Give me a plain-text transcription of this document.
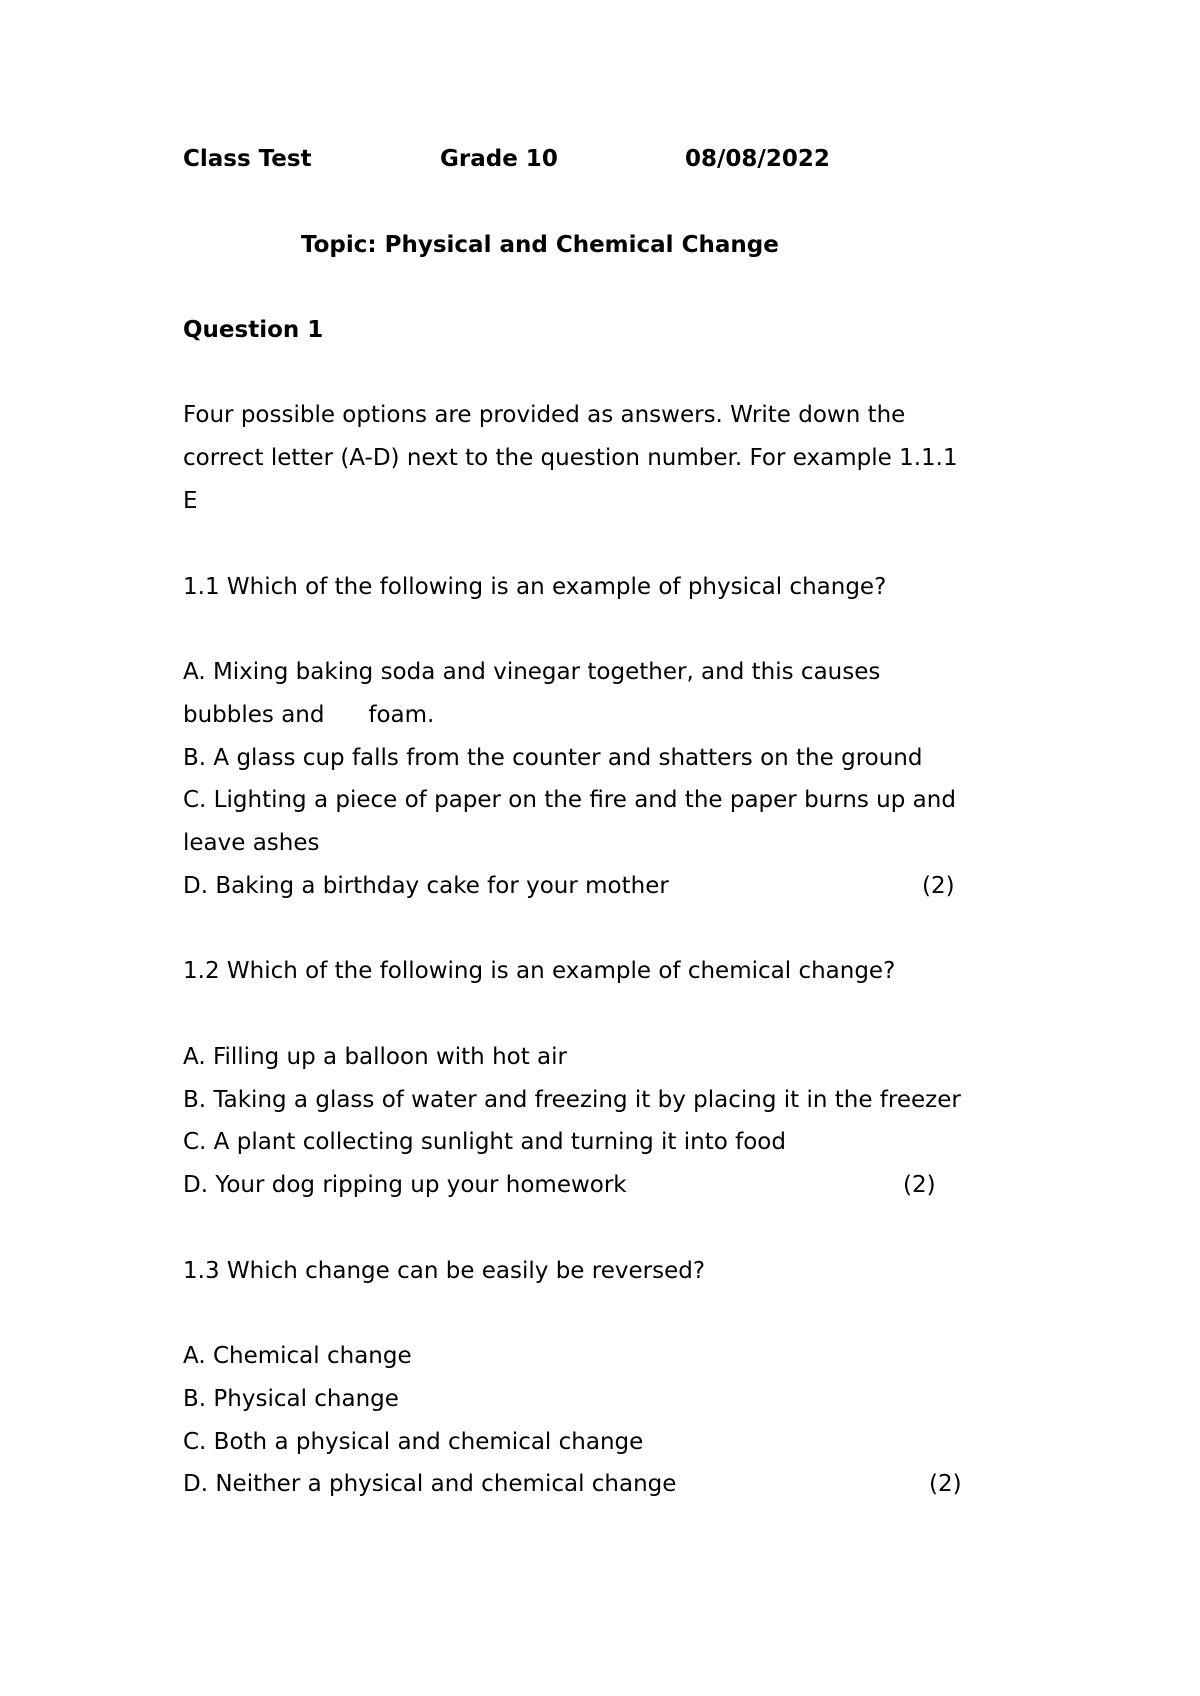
Class Test	Grade 10	08/08/2022
Topic: Physical and Chemical Change
Question 1
Four possible options are provided as answers. Write down the
correct letter (A-D) next to the question number. For example 1.1.1
E
1.1 Which of the following is an example of physical change?
A. Mixing baking soda and vinegar together, and this causes
bubbles and      foam.
B. A glass cup falls from the counter and shatters on the ground
C. Lighting a piece of paper on the fire and the paper burns up and
leave ashes
D. Baking a birthday cake for your mother	(2)
1.2 Which of the following is an example of chemical change?
A. Filling up a balloon with hot air
B. Taking a glass of water and freezing it by placing it in the freezer
C. A plant collecting sunlight and turning it into food
D. Your dog ripping up your homework	(2)
1.3 Which change can be easily be reversed?
A. Chemical change
B. Physical change
C. Both a physical and chemical change
D. Neither a physical and chemical change	(2)
